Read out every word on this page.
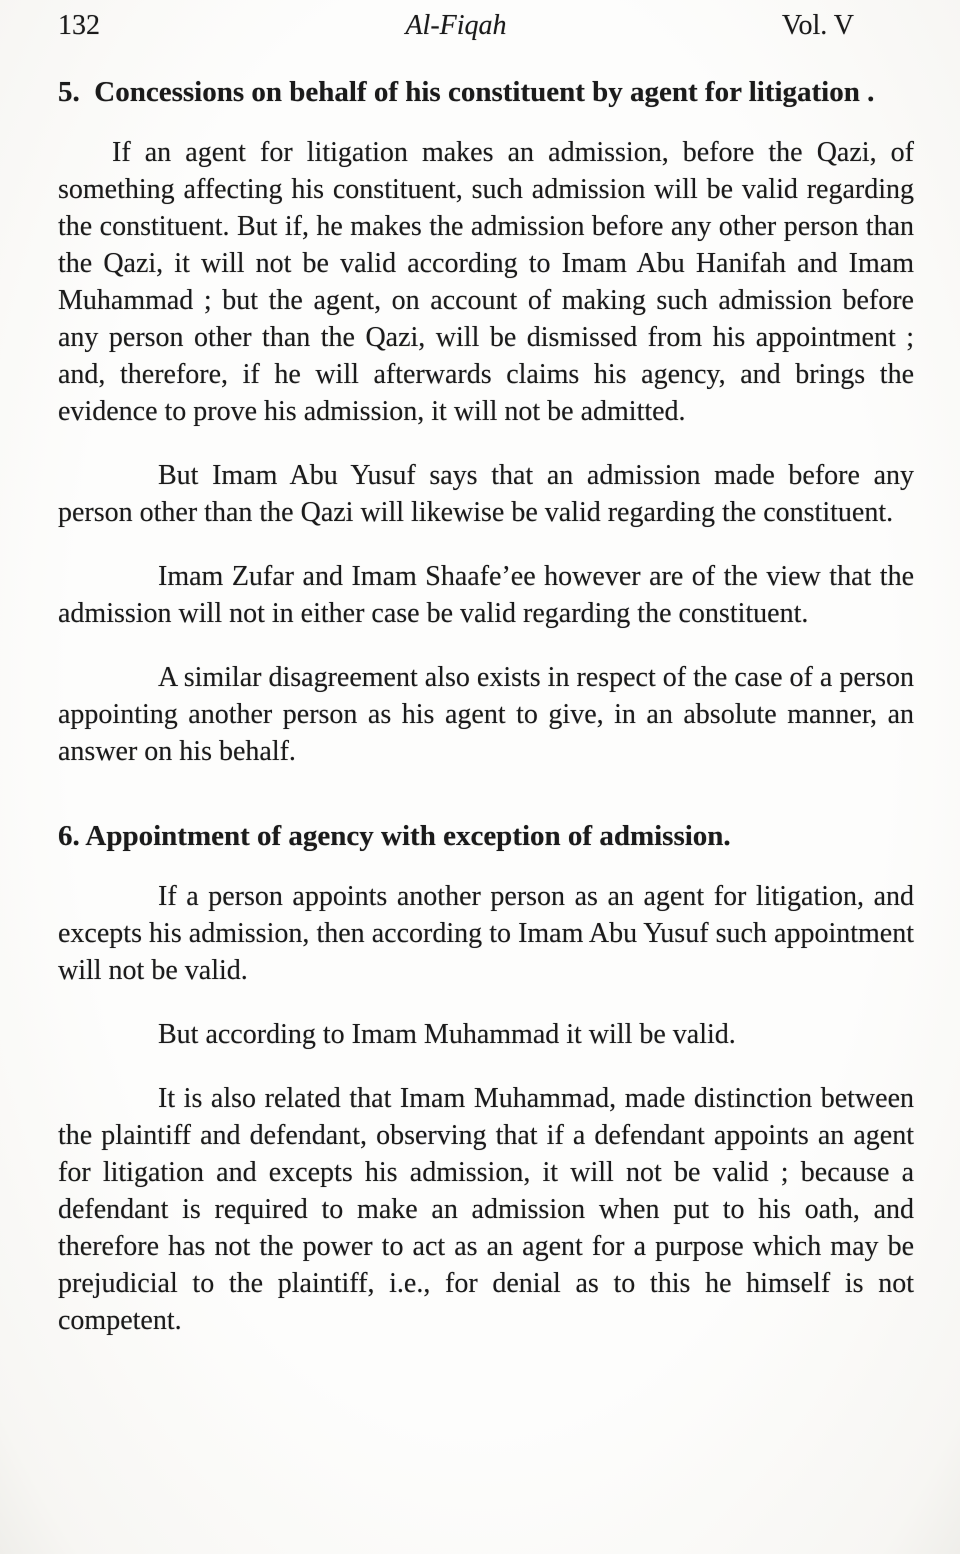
132	Al-Fiqah	Vol. V
5.  Concessions on behalf of his constituent by agent for litigation .

If an agent for litigation makes an admission, before the Qazi, of something affecting his constituent, such admission will be valid regarding the constituent. But if, he makes the admission before any other person than the Qazi, it will not be valid according to Imam Abu Hanifah and Imam Muhammad ; but the agent, on account of making such admission before any person other than the Qazi, will be dismissed from his appointment ; and, therefore, if he will afterwards claims his agency, and brings the evidence to prove his admission, it will not be admitted.

But Imam Abu Yusuf says that an admission made before any person other than the Qazi will likewise be valid regarding the constituent.

Imam Zufar and Imam Shaafe’ee however are of the view that the admission will not in either case be valid regarding the constituent.

A similar disagreement also exists in respect of the case of a person appointing another person as his agent to give, in an absolute manner, an answer on his behalf.

6. Appointment of agency with exception of admission.

If a person appoints another person as an agent for litigation, and excepts his admission, then according to Imam Abu Yusuf such appointment will not be valid.

But according to Imam Muhammad it will be valid.

It is also related that Imam Muhammad, made distinction between the plaintiff and defendant, observing that if a defendant appoints an agent for litigation and excepts his admission, it will not be valid ; because a defendant is required to make an admission when put to his oath, and therefore has not the power to act as an agent for a purpose which may be prejudicial to the plaintiff, i.e., for denial as to this he himself is not competent.
